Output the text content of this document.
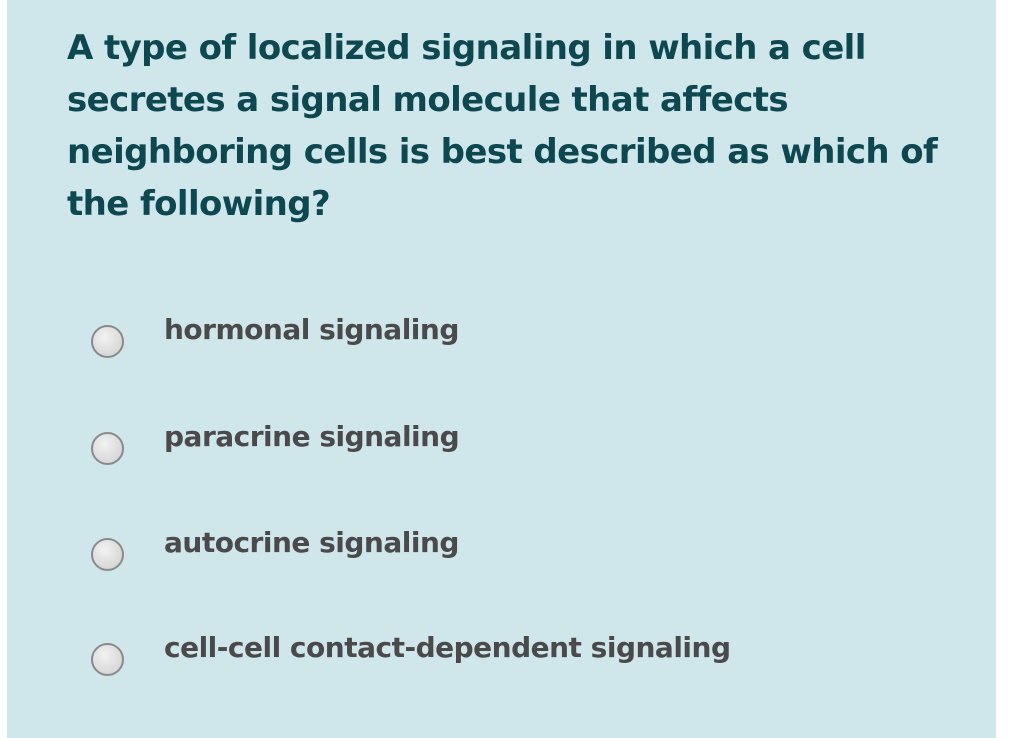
A type of localized signaling in which a cell secretes a signal molecule that affects neighboring cells is best described as which of the following?

hormonal signaling
paracrine signaling
autocrine signaling
cell-cell contact-dependent signaling
